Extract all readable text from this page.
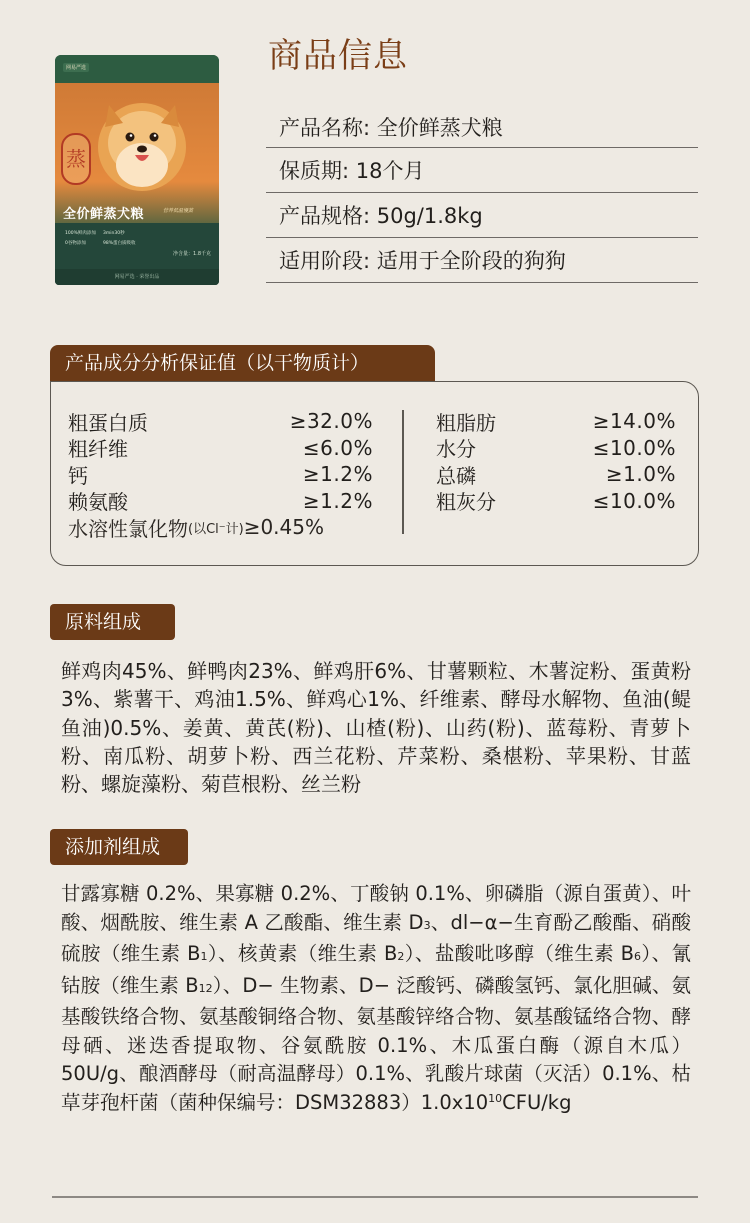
网易严选
蒸
全价鲜蒸犬粮	营养低温慢蒸
100%鲜肉添加 3min30秒
0谷物添加	98%蛋白质吸收
净含量：1.8千克
网易严选 · 荣誉出品
商品信息
产品名称: 全价鲜蒸犬粮
保质期: 18个月
产品规格: 50g/1.8kg
适用阶段: 适用于全阶段的狗狗
产品成分分析保证值（以干物质计）
粗蛋白质	≥32.0%
粗纤维	≤6.0%
钙	≥1.2%
赖氨酸	≥1.2%
水溶性氯化物 (以Cl⁻计) ≥0.45%
粗脂肪	≥14.0%
水分	≤10.0%
总磷	≥1.0%
粗灰分	≤10.0%
原料组成

鲜鸡肉45%、鲜鸭肉23%、鲜鸡肝6%、甘薯颗粒、木薯淀粉、蛋黄粉3%、紫薯干、鸡油1.5%、鲜鸡心1%、纤维素、酵母水解物、鱼油(鳀鱼油)0.5%、姜黄、黄芪(粉)、山楂(粉)、山药(粉)、蓝莓粉、青萝卜粉、南瓜粉、胡萝卜粉、西兰花粉、芹菜粉、桑椹粉、苹果粉、甘蓝粉、螺旋藻粉、菊苣根粉、丝兰粉

添加剂组成

甘露寡糖 0.2%、果寡糖 0.2%、丁酸钠 0.1%、卵磷脂（源自蛋黄）、叶酸、烟酰胺、维生素 A 乙酸酯、维生素 D3、dl−α−生育酚乙酸酯、硝酸硫胺（维生素 B1）、核黄素（维生素 B2）、盐酸吡哆醇（维生素 B6）、氰钴胺（维生素 B12）、D− 生物素、D− 泛酸钙、磷酸氢钙、氯化胆碱、氨基酸铁络合物、氨基酸铜络合物、氨基酸锌络合物、氨基酸锰络合物、酵母硒、迷迭香提取物、谷氨酰胺 0.1%、木瓜蛋白酶（源自木瓜）50U/g、酿酒酵母（耐高温酵母）0.1%、乳酸片球菌（灭活）0.1%、枯草芽孢杆菌（菌种保编号：$DSM32883)1.0x10^{10}CFU/kg$
